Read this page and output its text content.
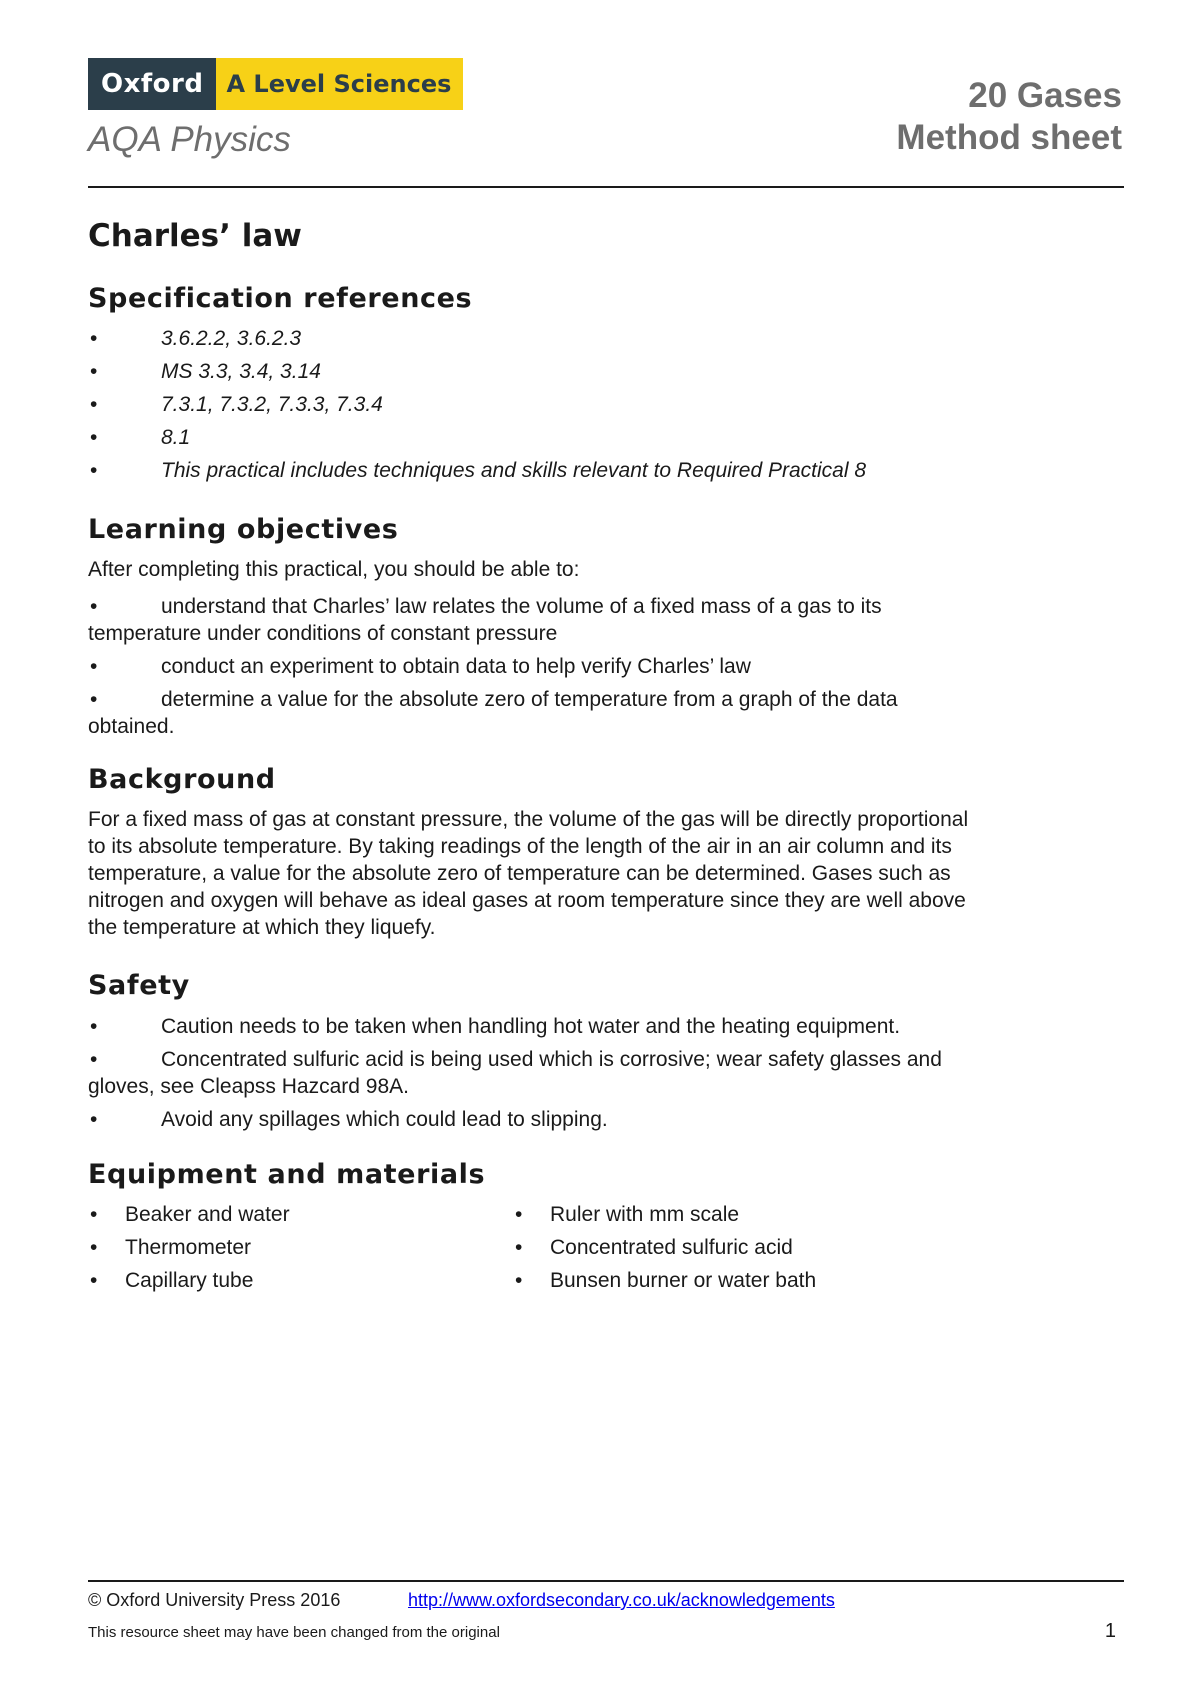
Oxford A Level Sciences
AQA Physics
20 Gases
Method sheet
Charles’ law
Specification references
• 3.6.2.2, 3.6.2.3
• MS 3.3, 3.4, 3.14
• 7.3.1, 7.3.2, 7.3.3, 7.3.4
• 8.1
• This practical includes techniques and skills relevant to Required Practical 8
Learning objectives

After completing this practical, you should be able to:

• understand that Charles’ law relates the volume of a fixed mass of a gas to its temperature under conditions of constant pressure
• conduct an experiment to obtain data to help verify Charles’ law
• determine a value for the absolute zero of temperature from a graph of the data obtained.
Background

For a fixed mass of gas at constant pressure, the volume of the gas will be directly proportional to its absolute temperature. By taking readings of the length of the air in an air column and its temperature, a value for the absolute zero of temperature can be determined. Gases such as nitrogen and oxygen will behave as ideal gases at room temperature since they are well above the temperature at which they liquefy.

Safety
• Caution needs to be taken when handling hot water and the heating equipment.
• Concentrated sulfuric acid is being used which is corrosive; wear safety glasses and gloves, see Cleapss Hazcard 98A.
• Avoid any spillages which could lead to slipping.
Equipment and materials
• Beaker and water
• Thermometer
• Capillary tube
• Ruler with mm scale
• Concentrated sulfuric acid
• Bunsen burner or water bath
© Oxford University Press 2016	http://www.oxfordsecondary.co.uk/acknowledgements
This resource sheet may have been changed from the original	1
